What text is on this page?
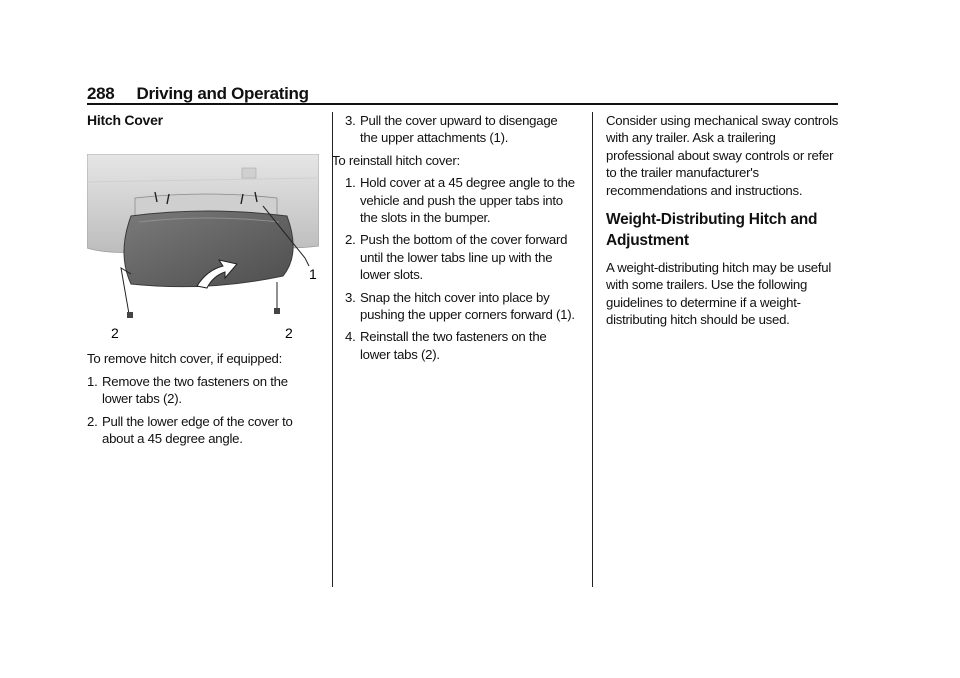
288 Driving and Operating
Hitch Cover
1
2	2

To remove hitch cover, if equipped:

1. Remove the two fasteners on the lower tabs (2).
2. Pull the lower edge of the cover to about a 45 degree angle.
3. Pull the cover upward to disengage the upper attachments (1).

To reinstall hitch cover:

1. Hold cover at a 45 degree angle to the vehicle and push the upper tabs into the slots in the bumper.
2. Push the bottom of the cover forward until the lower tabs line up with the lower slots.
3. Snap the hitch cover into place by pushing the upper corners forward (1).
4. Reinstall the two fasteners on the lower tabs (2).

Consider using mechanical sway controls with any trailer. Ask a trailering professional about sway controls or refer to the trailer manufacturer's recommendations and instructions.

Weight-Distributing Hitch and Adjustment

A weight-distributing hitch may be useful with some trailers. Use the following guidelines to determine if a weight-distributing hitch should be used.
